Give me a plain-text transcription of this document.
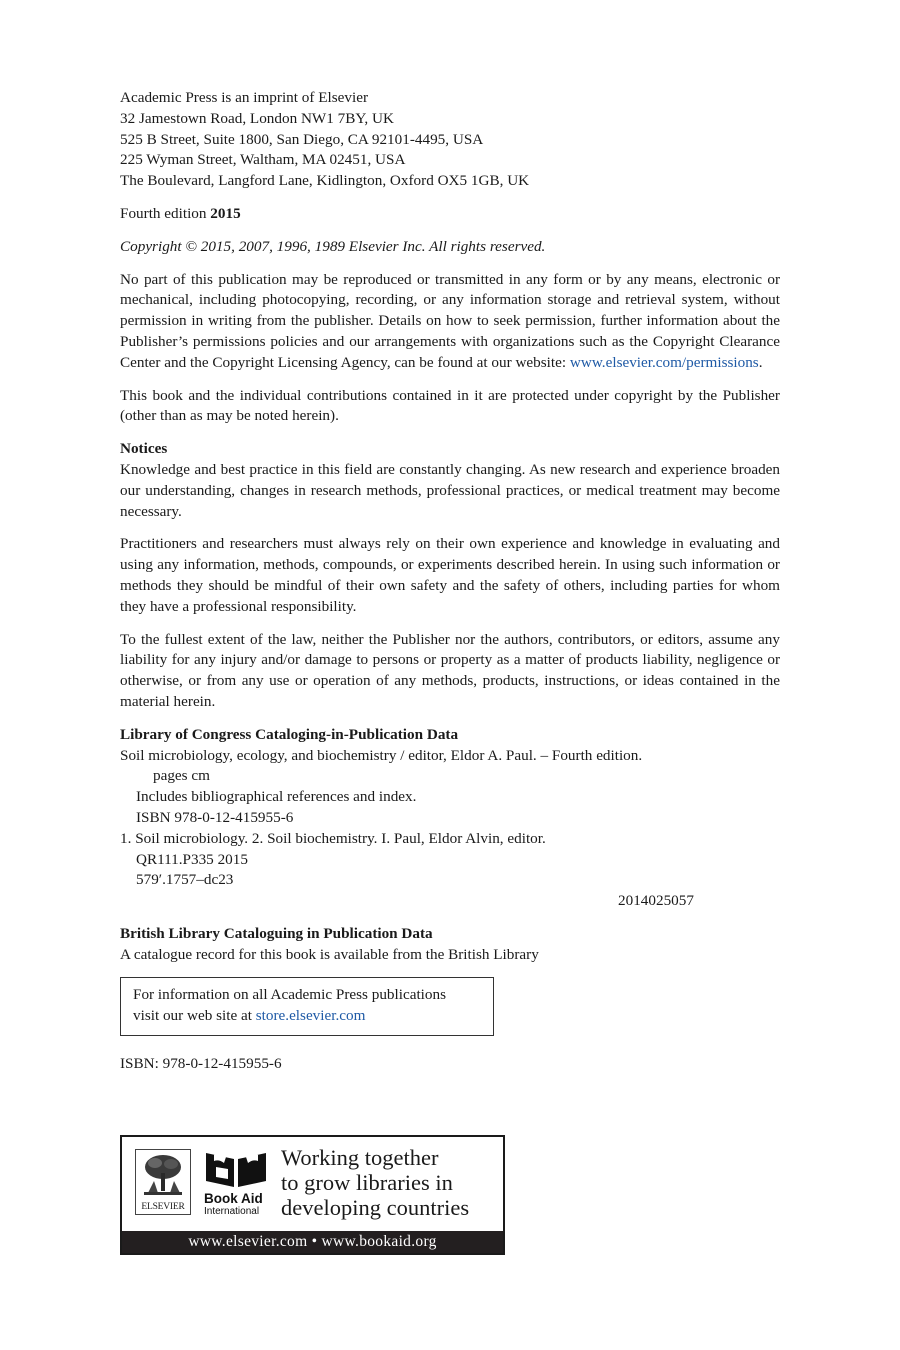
Academic Press is an imprint of Elsevier
32 Jamestown Road, London NW1 7BY, UK
525 B Street, Suite 1800, San Diego, CA 92101-4495, USA
225 Wyman Street, Waltham, MA 02451, USA
The Boulevard, Langford Lane, Kidlington, Oxford OX5 1GB, UK

Fourth edition 2015

Copyright © 2015, 2007, 1996, 1989 Elsevier Inc. All rights reserved.

No part of this publication may be reproduced or transmitted in any form or by any means, electronic or mechanical, including photocopying, recording, or any information storage and retrieval system, without permission in writing from the publisher. Details on how to seek permission, further information about the Publisher’s permissions policies and our arrangements with organizations such as the Copyright Clearance Center and the Copyright Licensing Agency, can be found at our website: www.elsevier.com/permissions.

This book and the individual contributions contained in it are protected under copyright by the Publisher (other than as may be noted herein).

Notices

Knowledge and best practice in this field are constantly changing. As new research and experience broaden our understanding, changes in research methods, professional practices, or medical treatment may become necessary.

Practitioners and researchers must always rely on their own experience and knowledge in evaluating and using any information, methods, compounds, or experiments described herein. In using such information or methods they should be mindful of their own safety and the safety of others, including parties for whom they have a professional responsibility.

To the fullest extent of the law, neither the Publisher nor the authors, contributors, or editors, assume any liability for any injury and/or damage to persons or property as a matter of products liability, negligence or otherwise, or from any use or operation of any methods, products, instructions, or ideas contained in the material herein.

Library of Congress Cataloging-in-Publication Data
Soil microbiology, ecology, and biochemistry / editor, Eldor A. Paul. – Fourth edition.
pages cm
Includes bibliographical references and index.
ISBN 978-0-12-415955-6
1. Soil microbiology. 2. Soil biochemistry. I. Paul, Eldor Alvin, editor.
QR111.P335 2015
579′.1757–dc23
2014025057
British Library Cataloguing in Publication Data
A catalogue record for this book is available from the British Library
For information on all Academic Press publications
visit our web site at store.elsevier.com

ISBN: 978-0-12-415955-6

ELSEVIER
Book Aid
International
Working together
to grow libraries in
developing countries
www.elsevier.com • www.bookaid.org
